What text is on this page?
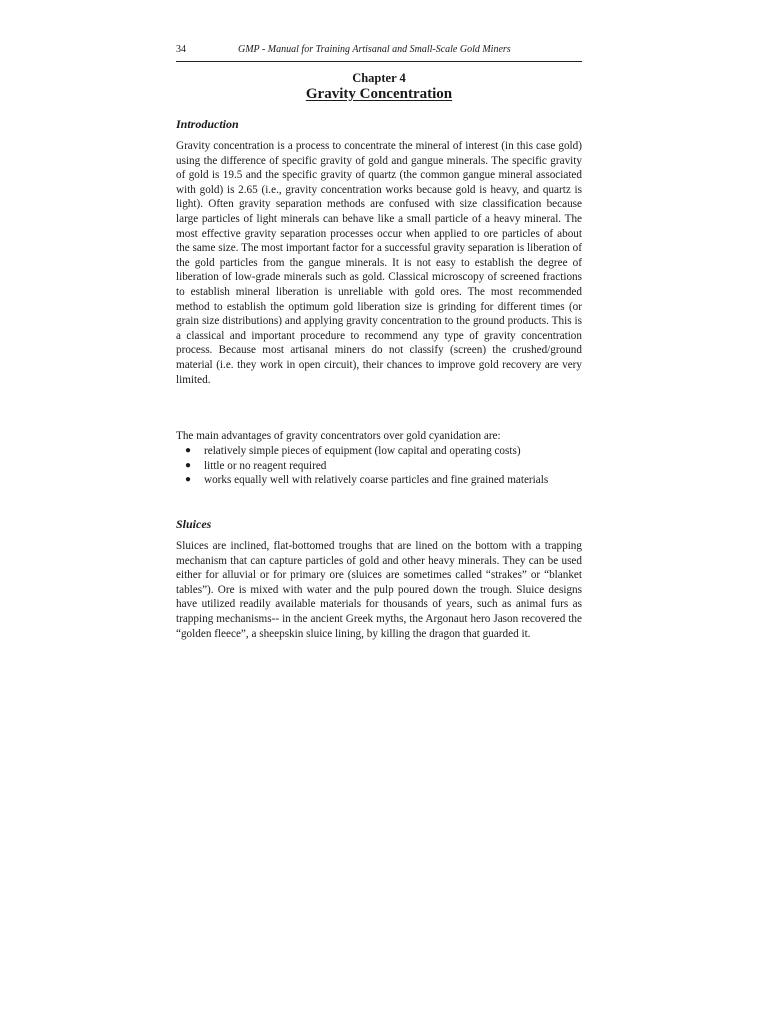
34	GMP - Manual for Training Artisanal and Small-Scale Gold Miners
Chapter 4
Gravity Concentration
Introduction
Gravity concentration is a process to concentrate the mineral of interest (in this case gold) using the difference of specific gravity of gold and gangue minerals. The specific gravity of gold is 19.5 and the specific gravity of quartz (the common gangue mineral associated with gold) is 2.65 (i.e., gravity concentration works because gold is heavy, and quartz is light). Often gravity separation methods are confused with size classification because large particles of light minerals can behave like a small particle of a heavy mineral. The most effective gravity separation processes occur when applied to ore particles of about the same size. The most important factor for a successful gravity separation is liberation of the gold particles from the gangue minerals. It is not easy to establish the degree of liberation of low-grade minerals such as gold. Classical microscopy of screened fractions to establish mineral liberation is unreliable with gold ores. The most recommended method to establish the optimum gold liberation size is grinding for different times (or grain size distributions) and applying gravity concentration to the ground products. This is a classical and important procedure to recommend any type of gravity concentration process. Because most artisanal miners do not classify (screen) the crushed/ground material (i.e. they work in open circuit), their chances to improve gold recovery are very limited.
The main advantages of gravity concentrators over gold cyanidation are:
● relatively simple pieces of equipment (low capital and operating costs)
● little or no reagent required
● works equally well with relatively coarse particles and fine grained materials
Sluices
Sluices are inclined, flat-bottomed troughs that are lined on the bottom with a trapping mechanism that can capture particles of gold and other heavy minerals. They can be used either for alluvial or for primary ore (sluices are sometimes called “strakes” or “blanket tables”). Ore is mixed with water and the pulp poured down the trough. Sluice designs have utilized readily available materials for thousands of years, such as animal furs as trapping mechanisms-- in the ancient Greek myths, the Argonaut hero Jason recovered the “golden fleece”, a sheepskin sluice lining, by killing the dragon that guarded it.
